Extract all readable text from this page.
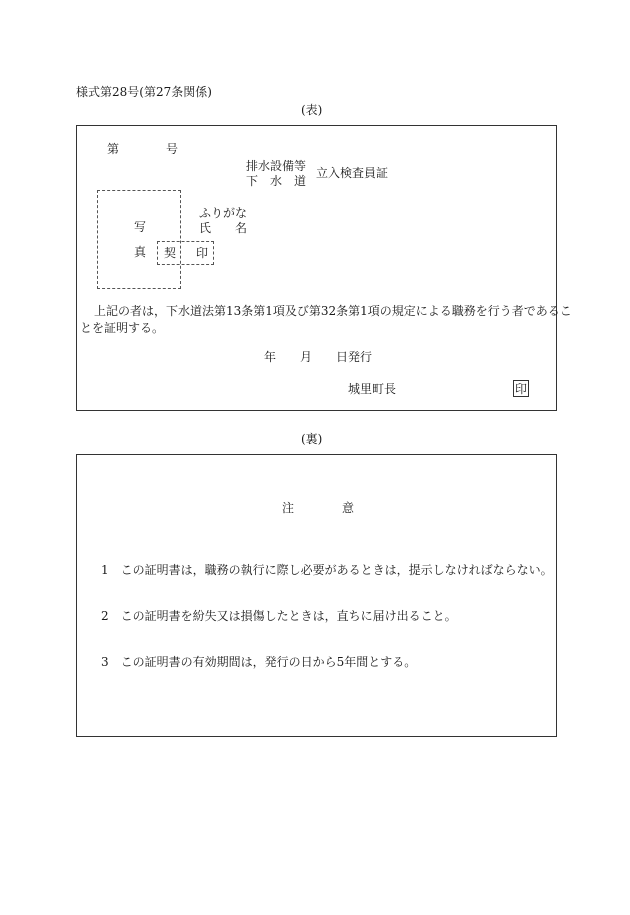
様式第28号(第27条関係)
(表)
第	号
排水設備等
下　水　道
立入検査員証
写
真 契 印
ふりがな
氏　　名
上記の者は，下水道法第13条第1項及び第32条第1項の規定による職務を行う者であるこ
とを証明する。
年　　月　　日発行
城里町長	印
(裏)
注　　　　意
1　この証明書は，職務の執行に際し必要があるときは，提示しなければならない。
2　この証明書を紛失又は損傷したときは，直ちに届け出ること。
3　この証明書の有効期間は，発行の日から5年間とする。
